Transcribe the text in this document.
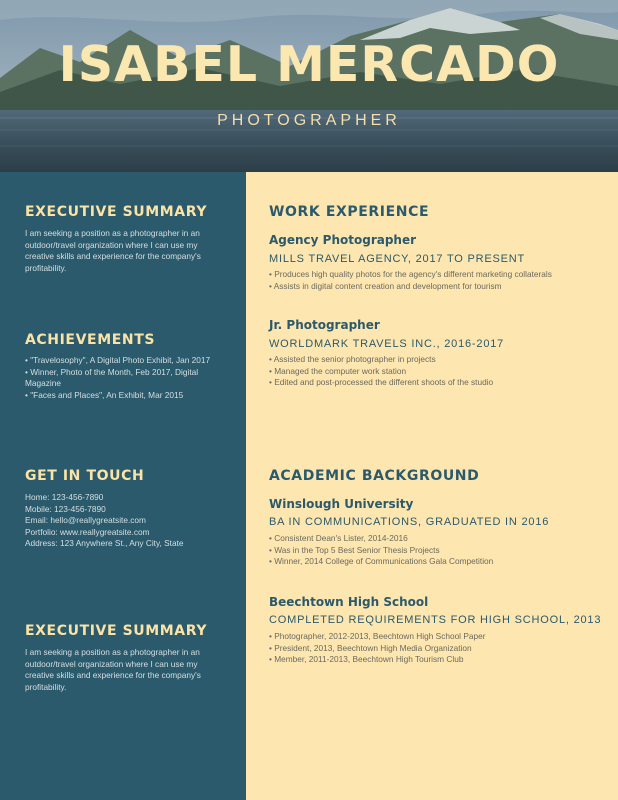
ISABEL MERCADO
PHOTOGRAPHER
EXECUTIVE SUMMARY
I am seeking a position as a photographer in an outdoor/travel organization where I can use my creative skills and experience for the company's profitability.
ACHIEVEMENTS
• "Travelosophy", A Digital Photo Exhibit, Jan 2017
• Winner, Photo of the Month, Feb 2017, Digital Magazine
• "Faces and Places", An Exhibit, Mar 2015
GET IN TOUCH
Home: 123-456-7890
Mobile: 123-456-7890
Email: hello@reallygreatsite.com
Portfolio: www.reallygreatsite.com
Address: 123 Anywhere St., Any City, State
EXECUTIVE SUMMARY
I am seeking a position as a photographer in an outdoor/travel organization where I can use my creative skills and experience for the company's profitability.
WORK EXPERIENCE
Agency Photographer
MILLS TRAVEL AGENCY, 2017 TO PRESENT
• Produces high quality photos for the agency's different marketing collaterals
• Assists in digital content creation and development for tourism
Jr. Photographer
WORLDMARK TRAVELS INC., 2016-2017
• Assisted the senior photographer in projects
• Managed the computer work station
• Edited and post-processed the different shoots of the studio
ACADEMIC BACKGROUND
Winslough University
BA IN COMMUNICATIONS, GRADUATED IN 2016
• Consistent Dean's Lister, 2014-2016
• Was in the Top 5 Best Senior Thesis Projects
• Winner, 2014 College of Communications Gala Competition
Beechtown High School
COMPLETED REQUIREMENTS FOR HIGH SCHOOL, 2013
• Photographer, 2012-2013, Beechtown High School Paper
• President, 2013, Beechtown High Media Organization
• Member, 2011-2013, Beechtown High Tourism Club
